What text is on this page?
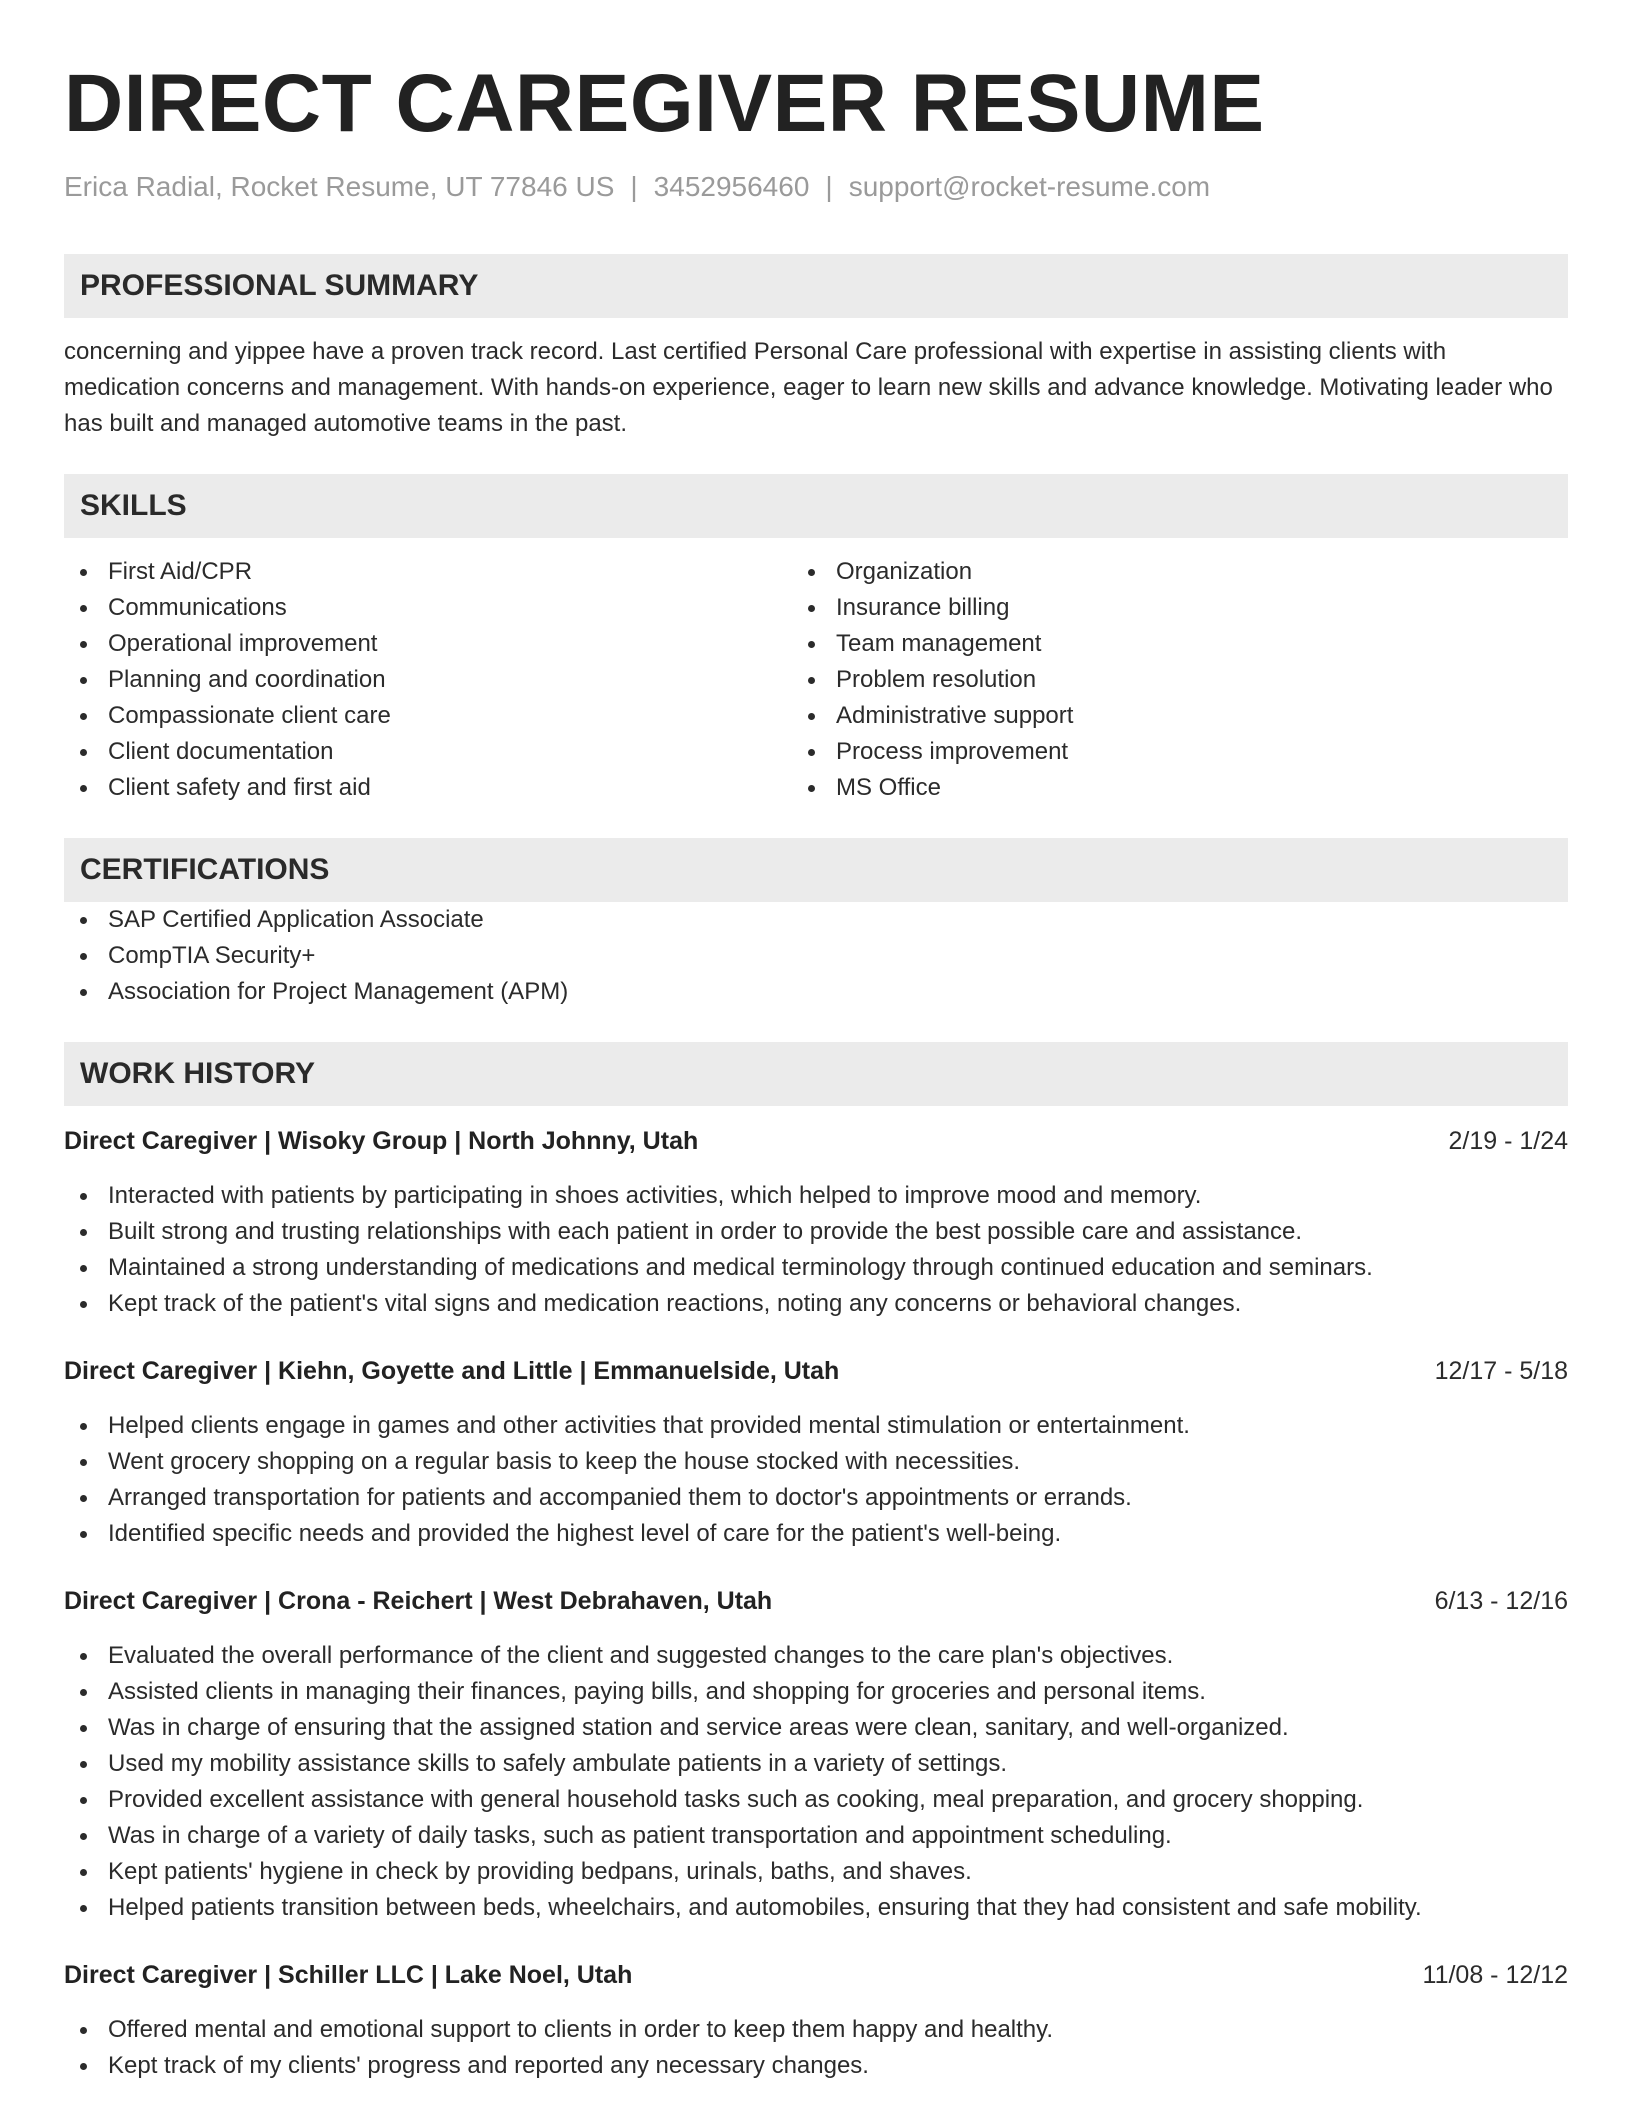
DIRECT CAREGIVER RESUME
Erica Radial, Rocket Resume, UT 77846 US | 3452956460 | support@rocket-resume.com
PROFESSIONAL SUMMARY

concerning and yippee have a proven track record. Last certified Personal Care professional with expertise in assisting clients with medication concerns and management. With hands-on experience, eager to learn new skills and advance knowledge. Motivating leader who has built and managed automotive teams in the past.

SKILLS
First Aid/CPR
Communications
Operational improvement
Planning and coordination
Compassionate client care
Client documentation
Client safety and first aid
Organization
Insurance billing
Team management
Problem resolution
Administrative support
Process improvement
MS Office
CERTIFICATIONS
SAP Certified Application Associate
CompTIA Security+
Association for Project Management (APM)
WORK HISTORY
Direct Caregiver | Wisoky Group | North Johnny, Utah	2/19 - 1/24
Interacted with patients by participating in shoes activities, which helped to improve mood and memory.
Built strong and trusting relationships with each patient in order to provide the best possible care and assistance.
Maintained a strong understanding of medications and medical terminology through continued education and seminars.
Kept track of the patient's vital signs and medication reactions, noting any concerns or behavioral changes.
Direct Caregiver | Kiehn, Goyette and Little | Emmanuelside, Utah	12/17 - 5/18
Helped clients engage in games and other activities that provided mental stimulation or entertainment.
Went grocery shopping on a regular basis to keep the house stocked with necessities.
Arranged transportation for patients and accompanied them to doctor's appointments or errands.
Identified specific needs and provided the highest level of care for the patient's well-being.
Direct Caregiver | Crona - Reichert | West Debrahaven, Utah	6/13 - 12/16
Evaluated the overall performance of the client and suggested changes to the care plan's objectives.
Assisted clients in managing their finances, paying bills, and shopping for groceries and personal items.
Was in charge of ensuring that the assigned station and service areas were clean, sanitary, and well-organized.
Used my mobility assistance skills to safely ambulate patients in a variety of settings.
Provided excellent assistance with general household tasks such as cooking, meal preparation, and grocery shopping.
Was in charge of a variety of daily tasks, such as patient transportation and appointment scheduling.
Kept patients' hygiene in check by providing bedpans, urinals, baths, and shaves.
Helped patients transition between beds, wheelchairs, and automobiles, ensuring that they had consistent and safe mobility.
Direct Caregiver | Schiller LLC | Lake Noel, Utah	11/08 - 12/12
Offered mental and emotional support to clients in order to keep them happy and healthy.
Kept track of my clients' progress and reported any necessary changes.
